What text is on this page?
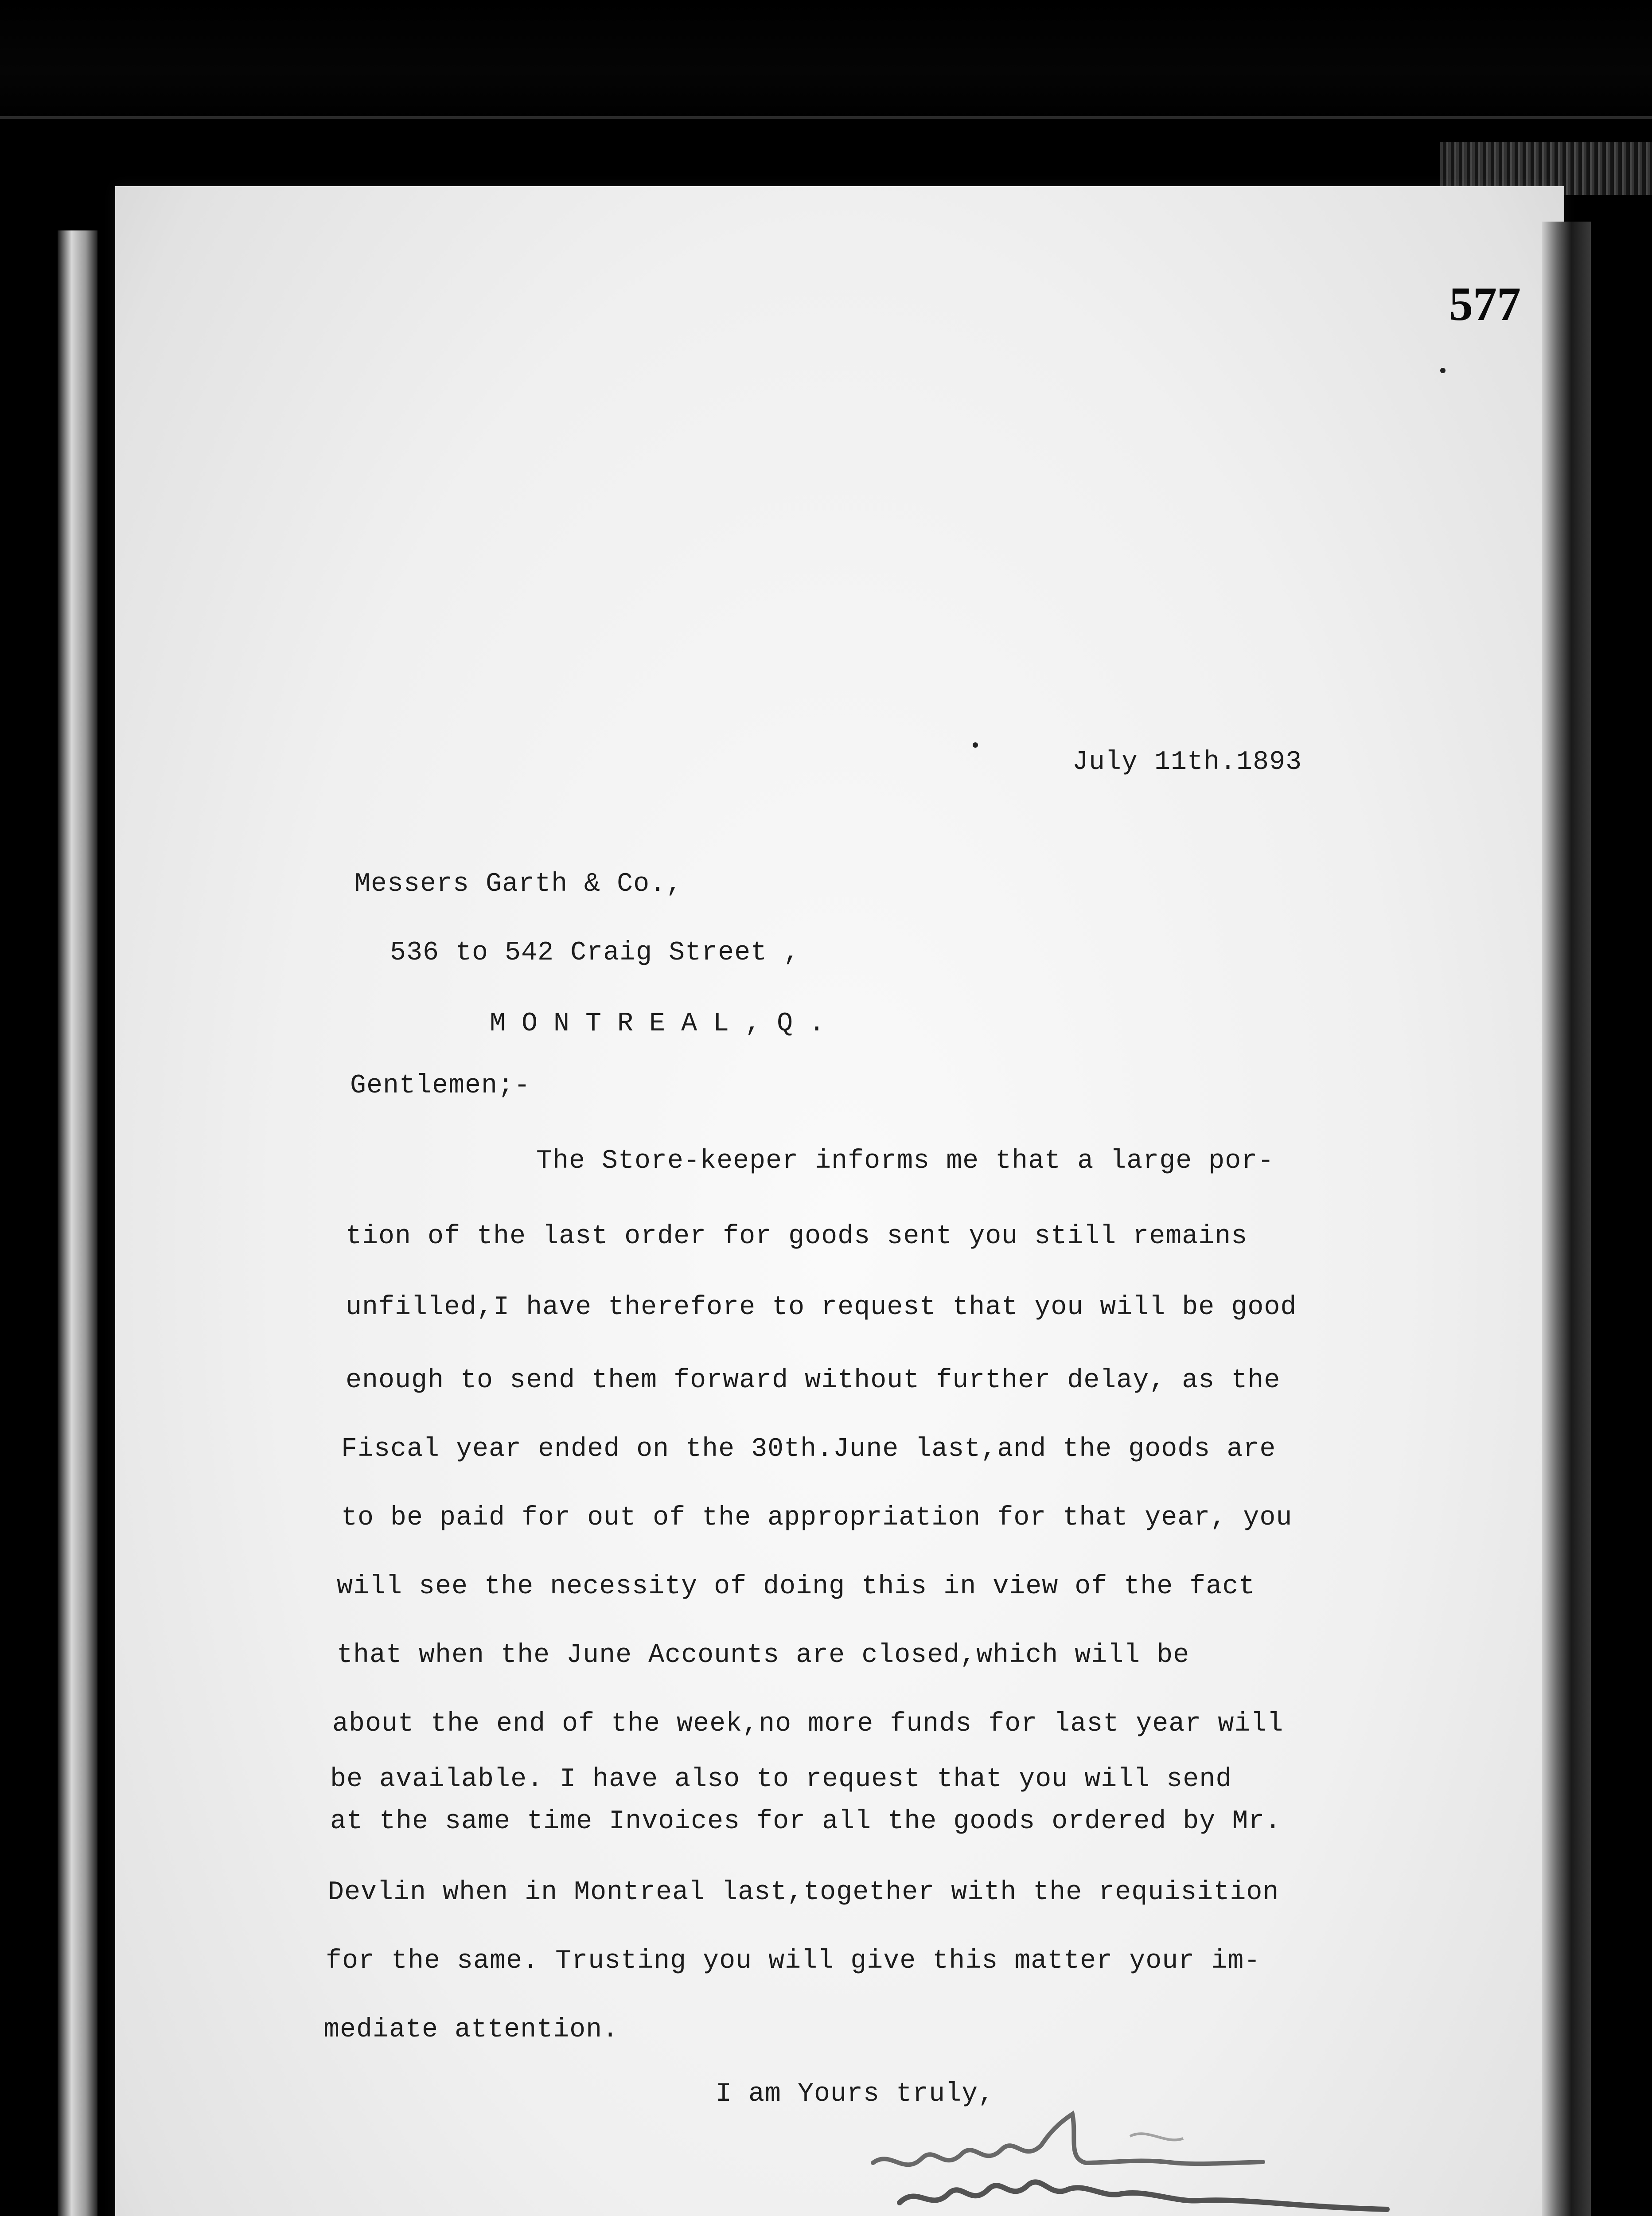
577
July 11th.1893
Messers Garth & Co.,
536 to 542 Craig Street ,
M O N T R E A L , Q .
Gentlemen;-
The Store-keeper informs me that a large por-
tion of the last order for goods sent you still remains
unfilled,I have therefore to request that you will be good
enough to send them forward without further delay, as the
Fiscal year ended on the 30th.June last,and the goods are
to be paid for out of the appropriation for that year, you
will see the necessity of doing this in view of the fact
that when the June Accounts are closed,which will be
about the end of the week,no more funds for last year will
be available. I have also to request that you will send
at the same time Invoices for all the goods ordered by Mr.
Devlin when in Montreal last,together with the requisition
for the same. Trusting you will give this matter your im-
mediate attention.
I am Yours truly,
